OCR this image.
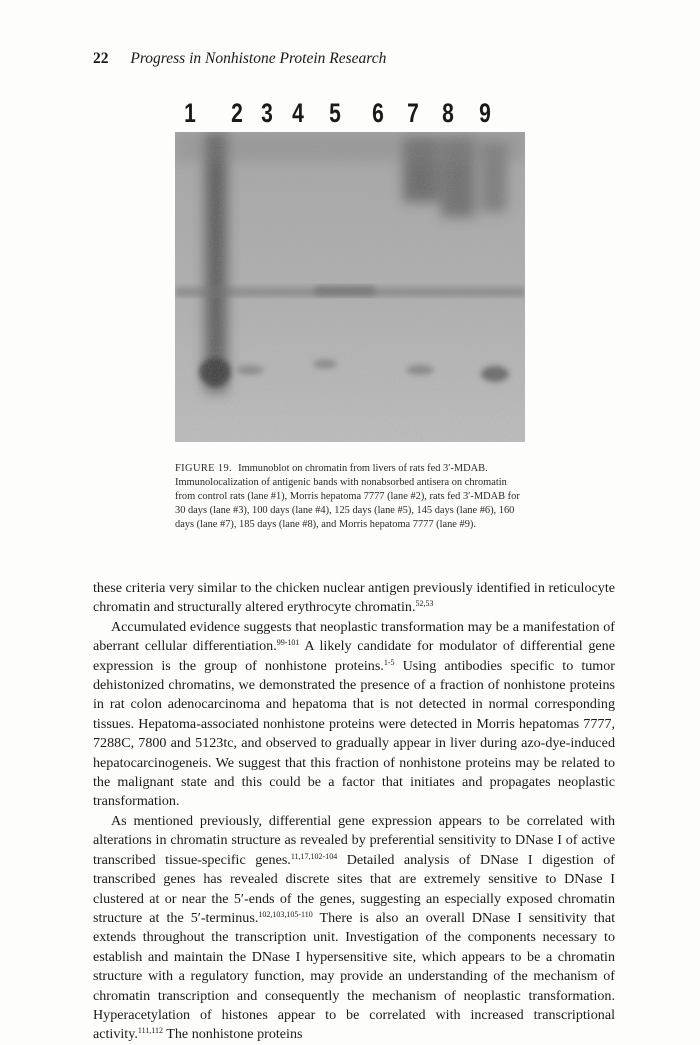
22 Progress in Nonhistone Protein Research
1 2 3 4 5 6 7 8 9
FIGURE 19. Immunoblot on chromatin from livers of rats fed 3′-MDAB. Immunolocalization of antigenic bands with nonabsorbed antisera on chromatin from control rats (lane #1), Morris hepatoma 7777 (lane #2), rats fed 3′-MDAB for 30 days (lane #3), 100 days (lane #4), 125 days (lane #5), 145 days (lane #6), 160 days (lane #7), 185 days (lane #8), and Morris hepatoma 7777 (lane #9).

these criteria very similar to the chicken nuclear antigen previously identified in reticulocyte chromatin and structurally altered erythrocyte chromatin.$^{52,53}$

Accumulated evidence suggests that neoplastic transformation may be a manifestation of aberrant cellular differentiation.$^{99-101}$ A likely candidate for modulator of differential gene expression is the group of nonhistone proteins.$^{1-5}$ Using antibodies specific to tumor dehistonized chromatins, we demonstrated the presence of a fraction of nonhistone proteins in rat colon adenocarcinoma and hepatoma that is not detected in normal corresponding tissues. Hepatoma-associated nonhistone proteins were detected in Morris hepatomas 7777, 7288C, 7800 and 5123tc, and observed to gradually appear in liver during azo-dye-induced hepatocarcinogeneis. We suggest that this fraction of nonhistone proteins may be related to the malignant state and this could be a factor that initiates and propagates neoplastic transformation.

As mentioned previously, differential gene expression appears to be correlated with alterations in chromatin structure as revealed by preferential sensitivity to DNase I of active transcribed tissue-specific genes.$^{11,17,102-104}$ Detailed analysis of DNase I digestion of transcribed genes has revealed discrete sites that are extremely sensitive to DNase I clustered at or near the 5′-ends of the genes, suggesting an especially exposed chromatin structure at the 5′-terminus.$^{102,103,105-110}$ There is also an overall DNase I sensitivity that extends throughout the transcription unit. Investigation of the components necessary to establish and maintain the DNase I hypersensitive site, which appears to be a chromatin structure with a regulatory function, may provide an understanding of the mechanism of chromatin transcription and consequently the mechanism of neoplastic transformation. Hyperacetylation of histones appear to be correlated with increased transcriptional activity.$^{111,112}$ The nonhistone proteins
